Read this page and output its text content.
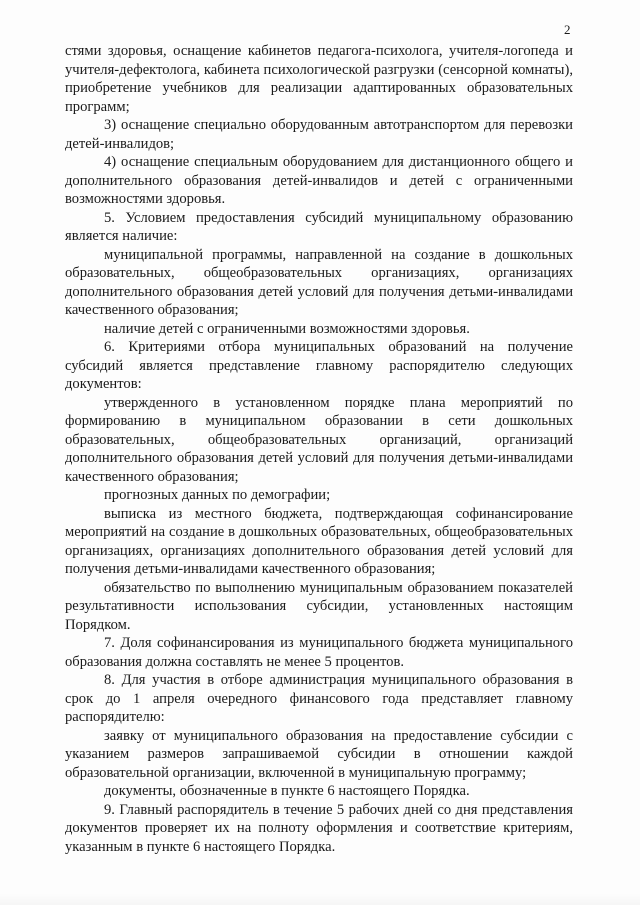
2

стями здоровья, оснащение кабинетов педагога-психолога, учителя-логопеда и учителя-дефектолога, кабинета психологической разгрузки (сенсорной комнаты), приобретение учебников для реализации адаптированных образовательных программ;

3) оснащение специально оборудованным автотранспортом для перевозки детей-инвалидов;

4) оснащение специальным оборудованием для дистанционного общего и дополнительного образования детей-инвалидов и детей с ограниченными возможностями здоровья.

5. Условием предоставления субсидий муниципальному образованию является наличие:

муниципальной программы, направленной на создание в дошкольных образовательных, общеобразовательных организациях, организациях дополнительного образования детей условий для получения детьми-инвалидами качественного образования;

наличие детей с ограниченными возможностями здоровья.

6. Критериями отбора муниципальных образований на получение субсидий является представление главному распорядителю следующих документов:

утвержденного в установленном порядке плана мероприятий по формированию в муниципальном образовании в сети дошкольных образовательных, общеобразовательных организаций, организаций дополнительного образования детей условий для получения детьми-инвалидами качественного образования;

прогнозных данных по демографии;

выписка из местного бюджета, подтверждающая софинансирование мероприятий на создание в дошкольных образовательных, общеобразовательных организациях, организациях дополнительного образования детей условий для получения детьми-инвалидами качественного образования;

обязательство по выполнению муниципальным образованием показателей результативности использования субсидии, установленных настоящим Порядком.

7. Доля софинансирования из муниципального бюджета муниципального образования должна составлять не менее 5 процентов.

8. Для участия в отборе администрация муниципального образования в срок до 1 апреля очередного финансового года представляет главному распорядителю:

заявку от муниципального образования на предоставление субсидии с указанием размеров запрашиваемой субсидии в отношении каждой образовательной организации, включенной в муниципальную программу;

документы, обозначенные в пункте 6 настоящего Порядка.

9. Главный распорядитель в течение 5 рабочих дней со дня представления документов проверяет их на полноту оформления и соответствие критериям, указанным в пункте 6 настоящего Порядка.
